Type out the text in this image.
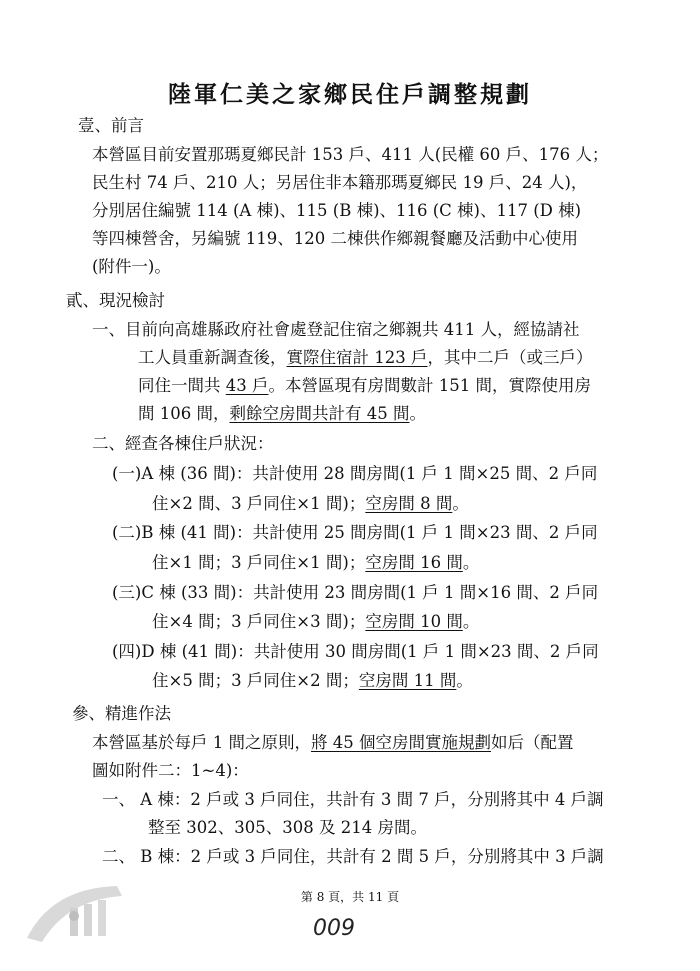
陸軍仁美之家鄉民住戶調整規劃
壹、前言
本營區目前安置那瑪夏鄉民計 153 戶、411 人(民權 60 戶、176 人；
民生村 74 戶、210 人；另居住非本籍那瑪夏鄉民 19 戶、24 人)，
分別居住編號 114 (A 棟)、115 (B 棟)、116 (C 棟)、117 (D 棟)
等四棟營舍，另編號 119、120 二棟供作鄉親餐廳及活動中心使用
(附件一)。
貳、現況檢討
一、目前向高雄縣政府社會處登記住宿之鄉親共 411 人，經協請社
工人員重新調查後，實際住宿計 123 戶，其中二戶（或三戶）
同住一間共 43 戶。本營區現有房間數計 151 間，實際使用房
間 106 間，剩餘空房間共計有 45 間。
二、經查各棟住戶狀況：
(一)A 棟 (36 間)：共計使用 28 間房間(1 戶 1 間×25 間、2 戶同
住×2 間、3 戶同住×1 間)；空房間 8 間。
(二)B 棟 (41 間)：共計使用 25 間房間(1 戶 1 間×23 間、2 戶同
住×1 間；3 戶同住×1 間)；空房間 16 間。
(三)C 棟 (33 間)：共計使用 23 間房間(1 戶 1 間×16 間、2 戶同
住×4 間；3 戶同住×3 間)；空房間 10 間。
(四)D 棟 (41 間)：共計使用 30 間房間(1 戶 1 間×23 間、2 戶同
住×5 間；3 戶同住×2 間；空房間 11 間。
參、精進作法
本營區基於每戶 1 間之原則，將 45 個空房間實施規劃如后（配置
圖如附件二：1~4)：
一、 A 棟：2 戶或 3 戶同住，共計有 3 間 7 戶，分別將其中 4 戶調
整至 302、305、308 及 214 房間。
二、 B 棟：2 戶或 3 戶同住，共計有 2 間 5 戶，分別將其中 3 戶調
第 8 頁，共 11 頁
009
